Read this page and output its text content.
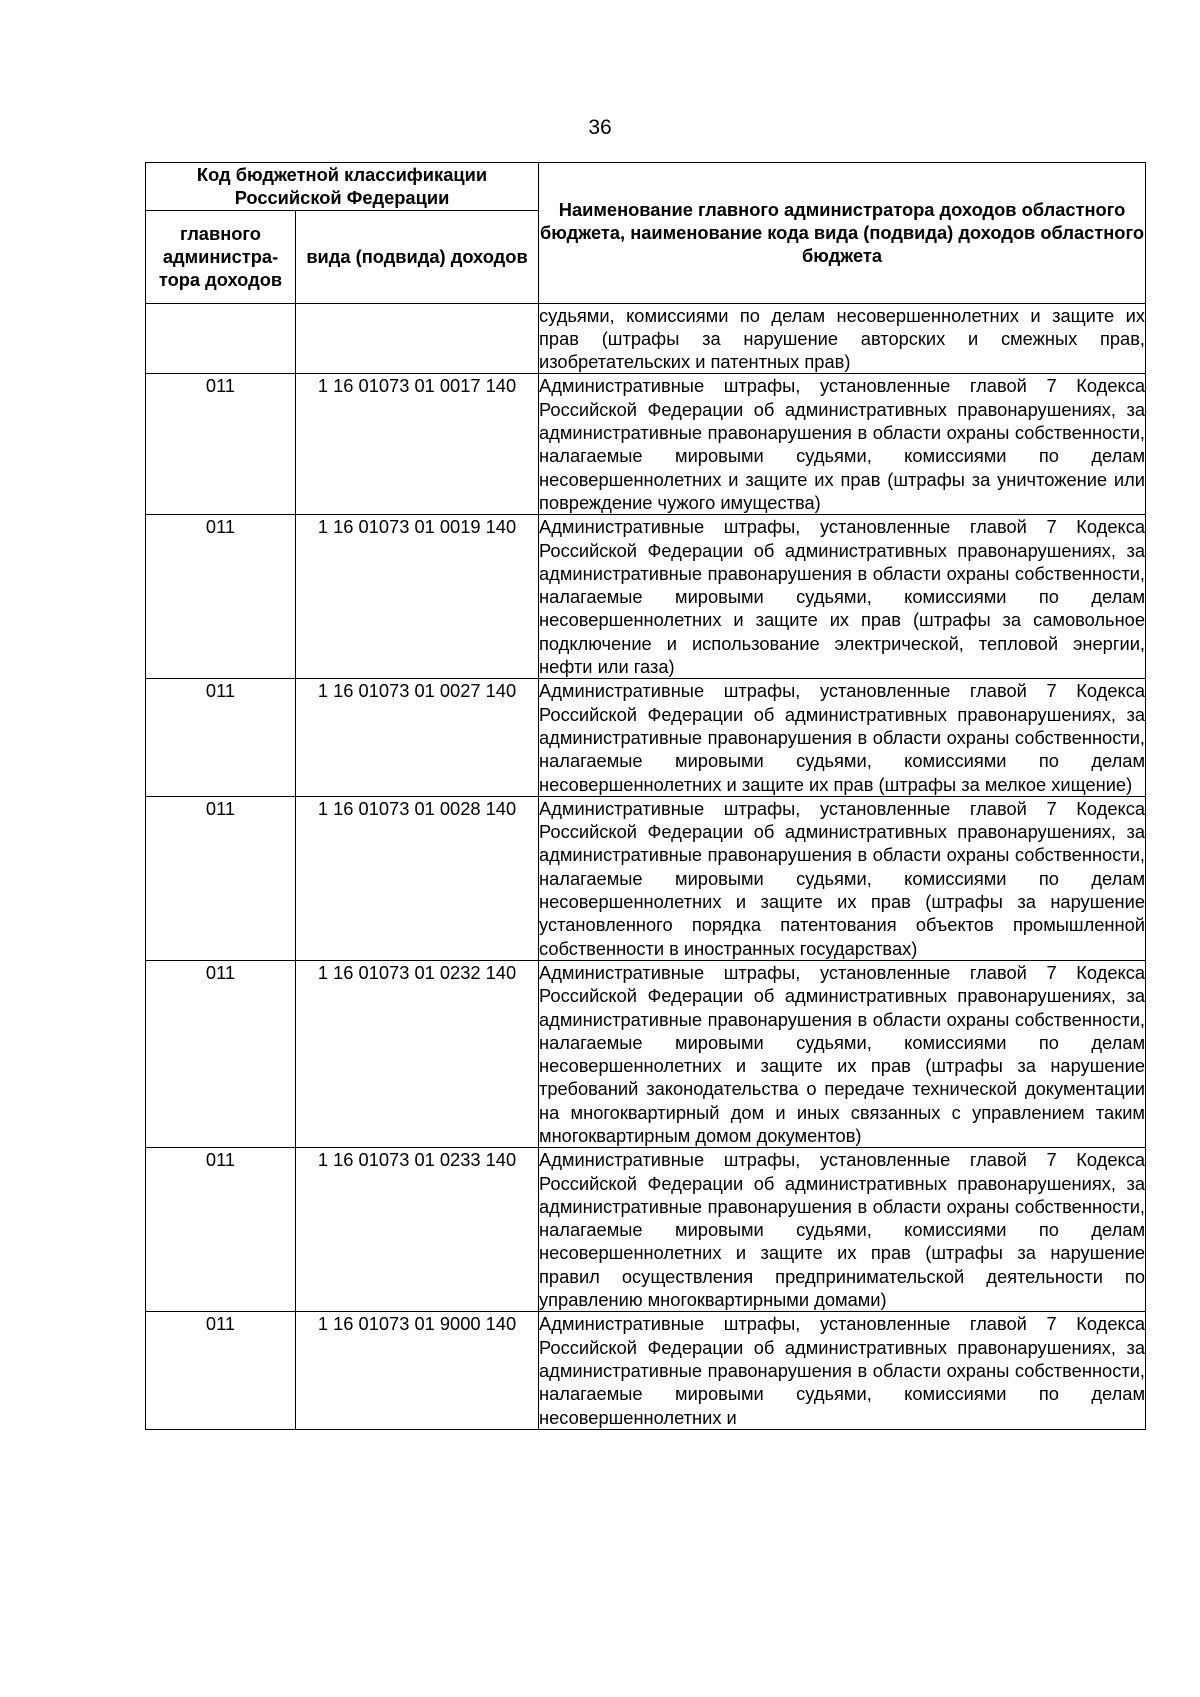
36
Код бюджетной классификации Российской Федерации		Наименование главного администратора доходов областного бюджета, наименование кода вида (подвида) доходов областного бюджета
главного администра-тора доходов	вида (подвида) доходов	
		судьями, комиссиями по делам несовершеннолетних и защите их прав (штрафы за нарушение авторских и смежных прав, изобретательских и патентных прав)
011	1 16 01073 01 0017 140	Административные штрафы, установленные главой 7 Кодекса Российской Федерации об административных правонарушениях, за административные правонарушения в области охраны собственности, налагаемые мировыми судьями, комиссиями по делам несовершеннолетних и защите их прав (штрафы за уничтожение или повреждение чужого имущества)
011	1 16 01073 01 0019 140	Административные штрафы, установленные главой 7 Кодекса Российской Федерации об административных правонарушениях, за административные правонарушения в области охраны собственности, налагаемые мировыми судьями, комиссиями по делам несовершеннолетних и защите их прав (штрафы за самовольное подключение и использование электрической, тепловой энергии, нефти или газа)
011	1 16 01073 01 0027 140	Административные штрафы, установленные главой 7 Кодекса Российской Федерации об административных правонарушениях, за административные правонарушения в области охраны собственности, налагаемые мировыми судьями, комиссиями по делам несовершеннолетних и защите их прав (штрафы за мелкое хищение)
011	1 16 01073 01 0028 140	Административные штрафы, установленные главой 7 Кодекса Российской Федерации об административных правонарушениях, за административные правонарушения в области охраны собственности, налагаемые мировыми судьями, комиссиями по делам несовершеннолетних и защите их прав (штрафы за нарушение установленного порядка патентования объектов промышленной собственности в иностранных государствах)
011	1 16 01073 01 0232 140	Административные штрафы, установленные главой 7 Кодекса Российской Федерации об административных правонарушениях, за административные правонарушения в области охраны собственности, налагаемые мировыми судьями, комиссиями по делам несовершеннолетних и защите их прав (штрафы за нарушение требований законодательства о передаче технической документации на многоквартирный дом и иных связанных с управлением таким многоквартирным домом документов)
011	1 16 01073 01 0233 140	Административные штрафы, установленные главой 7 Кодекса Российской Федерации об административных правонарушениях, за административные правонарушения в области охраны собственности, налагаемые мировыми судьями, комиссиями по делам несовершеннолетних и защите их прав (штрафы за нарушение правил осуществления предпринимательской деятельности по управлению многоквартирными домами)
011	1 16 01073 01 9000 140	Административные штрафы, установленные главой 7 Кодекса Российской Федерации об административных правонарушениях, за административные правонарушения в области охраны собственности, налагаемые мировыми судьями, комиссиями по делам несовершеннолетних и
